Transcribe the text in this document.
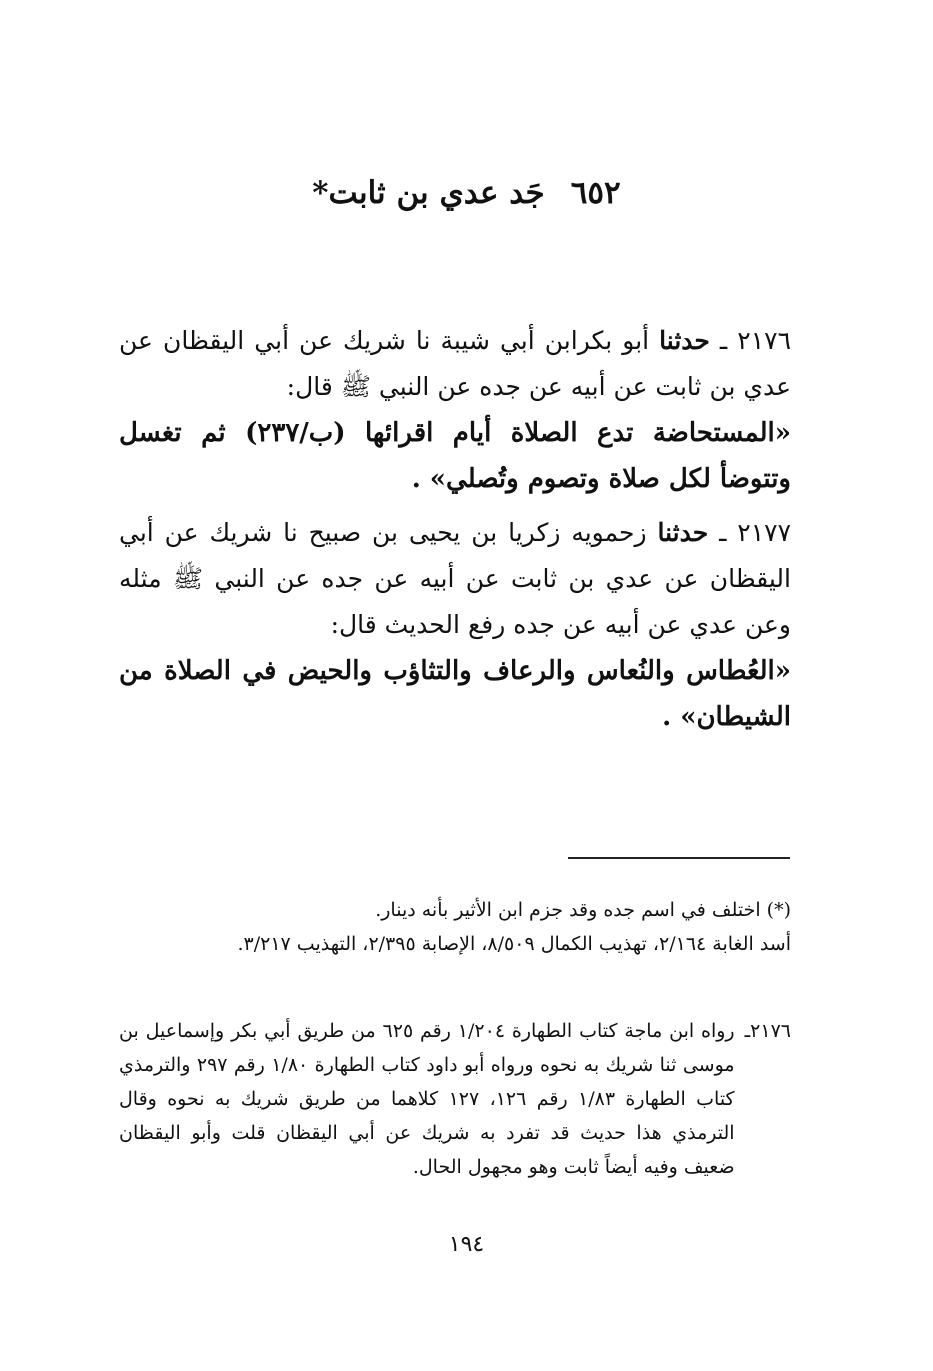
٦٥٢جَد عدي بن ثابت*
٢١٧٦ ـ حدثنا أبو بكرابن أبي شيبة نا شريك عن أبي اليقظان عن عدي بن ثابت عن أبيه عن جده عن النبي ﷺ قال:
«المستحاضة تدع الصلاة أيام اقرائها (ب/٢٣٧) ثم تغسل وتتوضأ لكل صلاة وتصوم وتُصلي» .
٢١٧٧ ـ حدثنا زحمويه زكريا بن يحيى بن صبيح نا شريك عن أبي اليقظان عن عدي بن ثابت عن أبيه عن جده عن النبي ﷺ مثله وعن عدي عن أبيه عن جده رفع الحديث قال:
«العُطاس والنُعاس والرعاف والتثاؤب والحيض في الصلاة من الشيطان» .
(*) اختلف في اسم جده وقد جزم ابن الأثير بأنه دينار.
أسد الغابة ٢/١٦٤، تهذيب الكمال ٨/٥٠٩، الإصابة ٢/٣٩٥، التهذيب ٣/٢١٧.
٢١٧٦ـ
رواه ابن ماجة كتاب الطهارة ١/٢٠٤ رقم ٦٢٥ من طريق أبي بكر وإسماعيل بن موسى ثنا شريك به نحوه ورواه أبو داود كتاب الطهارة ١/٨٠ رقم ٢٩٧ والترمذي كتاب الطهارة ١/٨٣ رقم ١٢٦، ١٢٧ كلاهما من طريق شريك به نحوه وقال الترمذي هذا حديث قد تفرد به شريك عن أبي اليقظان قلت وأبو اليقظان ضعيف وفيه أيضاً ثابت وهو مجهول الحال.
١٩٤
